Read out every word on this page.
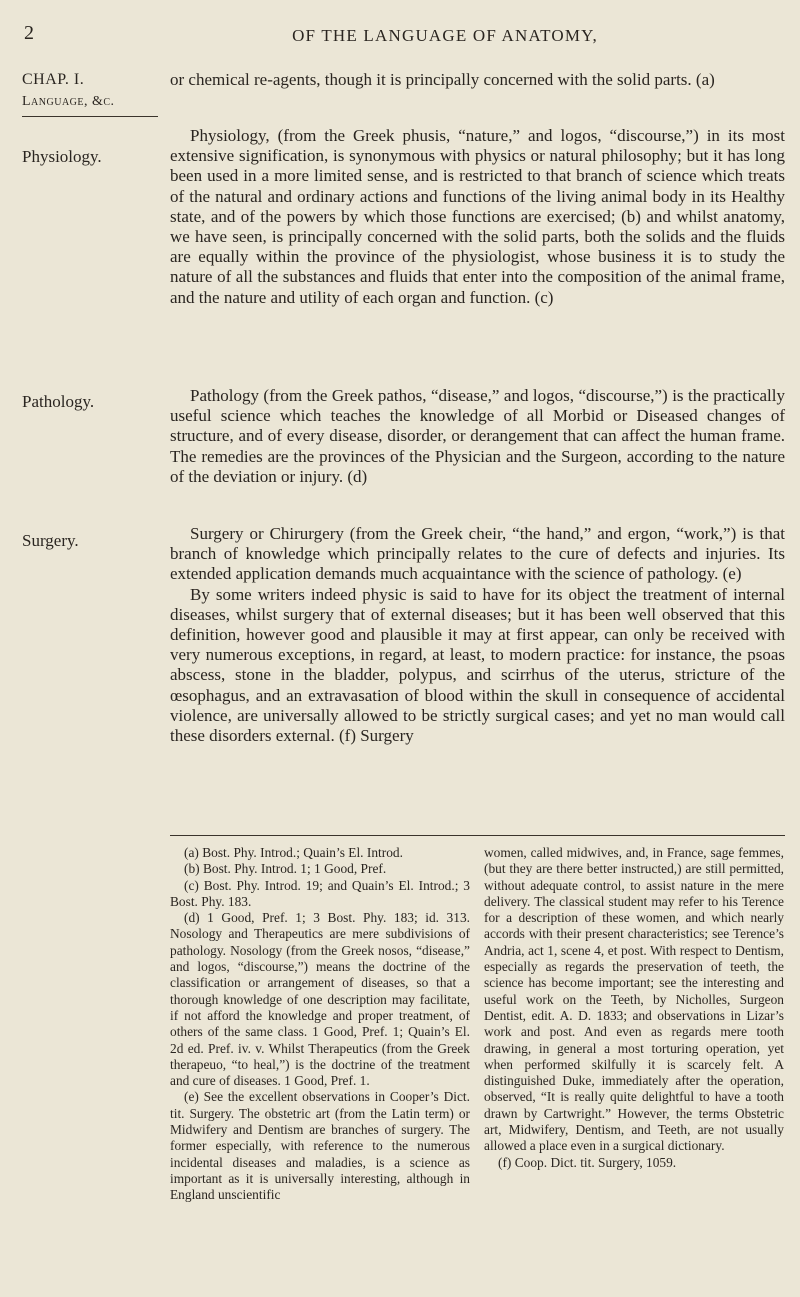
2	OF THE LANGUAGE OF ANATOMY,
CHAP. I.
Language, &c.
Physiology.
Pathology.
Surgery.

or chemical re-agents, though it is principally concerned with the solid parts. (a)

Physiology, (from the Greek phusis, “nature,” and logos, “discourse,”) in its most extensive signification, is synonymous with physics or natural philosophy; but it has long been used in a more limited sense, and is restricted to that branch of science which treats of the natural and ordinary actions and functions of the living animal body in its Healthy state, and of the powers by which those functions are exercised; (b) and whilst anatomy, we have seen, is principally concerned with the solid parts, both the solids and the fluids are equally within the province of the physiologist, whose business it is to study the nature of all the substances and fluids that enter into the composition of the animal frame, and the nature and utility of each organ and function. (c)

Pathology (from the Greek pathos, “disease,” and logos, “discourse,”) is the practically useful science which teaches the knowledge of all Morbid or Diseased changes of structure, and of every disease, disorder, or derangement that can affect the human frame. The remedies are the provinces of the Physician and the Surgeon, according to the nature of the deviation or injury. (d)

Surgery or Chirurgery (from the Greek cheir, “the hand,” and ergon, “work,”) is that branch of knowledge which principally relates to the cure of defects and injuries. Its extended application demands much acquaintance with the science of pathology. (e)

By some writers indeed physic is said to have for its object the treatment of internal diseases, whilst surgery that of external diseases; but it has been well observed that this definition, however good and plausible it may at first appear, can only be received with very numerous exceptions, in regard, at least, to modern practice: for instance, the psoas abscess, stone in the bladder, polypus, and scirrhus of the uterus, stricture of the œsophagus, and an extravasation of blood within the skull in consequence of accidental violence, are universally allowed to be strictly surgical cases; and yet no man would call these disorders external. (f) Surgery

(a) Bost. Phy. Introd.; Quain’s El. Introd.

(b) Bost. Phy. Introd. 1; 1 Good, Pref.

(c) Bost. Phy. Introd. 19; and Quain’s El. Introd.; 3 Bost. Phy. 183.

(d) 1 Good, Pref. 1; 3 Bost. Phy. 183; id. 313. Nosology and Therapeutics are mere subdivisions of pathology. Nosology (from the Greek nosos, “disease,” and logos, “discourse,”) means the doctrine of the classification or arrangement of diseases, so that a thorough knowledge of one description may facilitate, if not afford the knowledge and proper treatment, of others of the same class. 1 Good, Pref. 1; Quain’s El. 2d ed. Pref. iv. v. Whilst Therapeutics (from the Greek therapeuo, “to heal,”) is the doctrine of the treatment and cure of diseases. 1 Good, Pref. 1.

(e) See the excellent observations in Cooper’s Dict. tit. Surgery. The obstetric art (from the Latin term) or Midwifery and Dentism are branches of surgery. The former especially, with reference to the numerous incidental diseases and maladies, is a science as important as it is universally interesting, although in England unscientific

women, called midwives, and, in France, sage femmes, (but they are there better instructed,) are still permitted, without adequate control, to assist nature in the mere delivery. The classical student may refer to his Terence for a description of these women, and which nearly accords with their present characteristics; see Terence’s Andria, act 1, scene 4, et post. With respect to Dentism, especially as regards the preservation of teeth, the science has become important; see the interesting and useful work on the Teeth, by Nicholles, Surgeon Dentist, edit. A. D. 1833; and observations in Lizar’s work and post. And even as regards mere tooth drawing, in general a most torturing operation, yet when performed skilfully it is scarcely felt. A distinguished Duke, immediately after the operation, observed, “It is really quite delightful to have a tooth drawn by Cartwright.” However, the terms Obstetric art, Midwifery, Dentism, and Teeth, are not usually allowed a place even in a surgical dictionary.

(f) Coop. Dict. tit. Surgery, 1059.
